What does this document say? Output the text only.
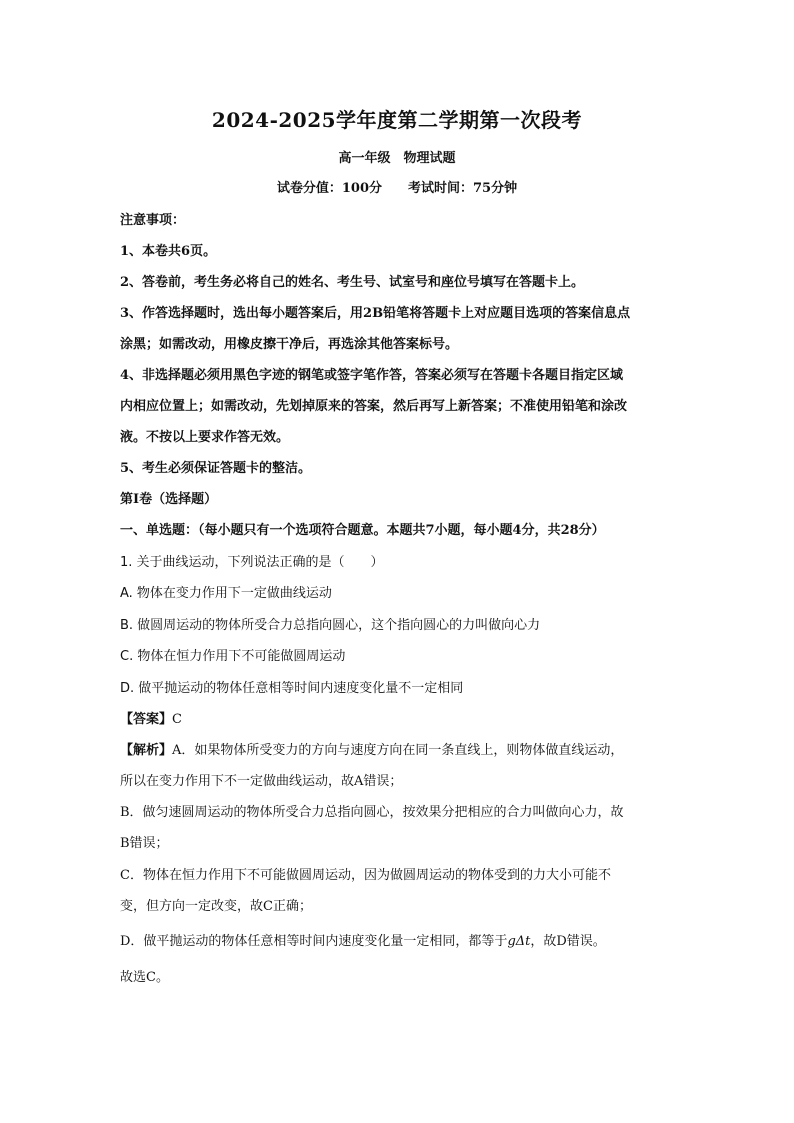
2024-2025学年度第二学期第一次段考
高一年级　物理试题
试卷分值：100分　　考试时间：75分钟
注意事项：
1、本卷共6页。
2、答卷前，考生务必将自己的姓名、考生号、试室号和座位号填写在答题卡上。
3、作答选择题时，选出每小题答案后，用2B铅笔将答题卡上对应题目选项的答案信息点
涂黑；如需改动，用橡皮擦干净后，再选涂其他答案标号。
4、非选择题必须用黑色字迹的钢笔或签字笔作答，答案必须写在答题卡各题目指定区域
内相应位置上；如需改动，先划掉原来的答案，然后再写上新答案；不准使用铅笔和涂改
液。不按以上要求作答无效。
5、考生必须保证答题卡的整洁。
第I卷（选择题）
一、单选题：（每小题只有一个选项符合题意。本题共7小题，每小题4分，共28分）
1. 关于曲线运动，下列说法正确的是（　　）
A. 物体在变力作用下一定做曲线运动
B. 做圆周运动的物体所受合力总指向圆心，这个指向圆心的力叫做向心力
C. 物体在恒力作用下不可能做圆周运动
D. 做平抛运动的物体任意相等时间内速度变化量不一定相同
【答案】C
【解析】A．如果物体所受变力的方向与速度方向在同一条直线上，则物体做直线运动，
所以在变力作用下不一定做曲线运动，故A错误；
B．做匀速圆周运动的物体所受合力总指向圆心，按效果分把相应的合力叫做向心力，故
B错误；
C．物体在恒力作用下不可能做圆周运动，因为做圆周运动的物体受到的力大小可能不
变，但方向一定改变，故C正确；
D．做平抛运动的物体任意相等时间内速度变化量一定相同，都等于gΔt，故D错误。
故选C。
